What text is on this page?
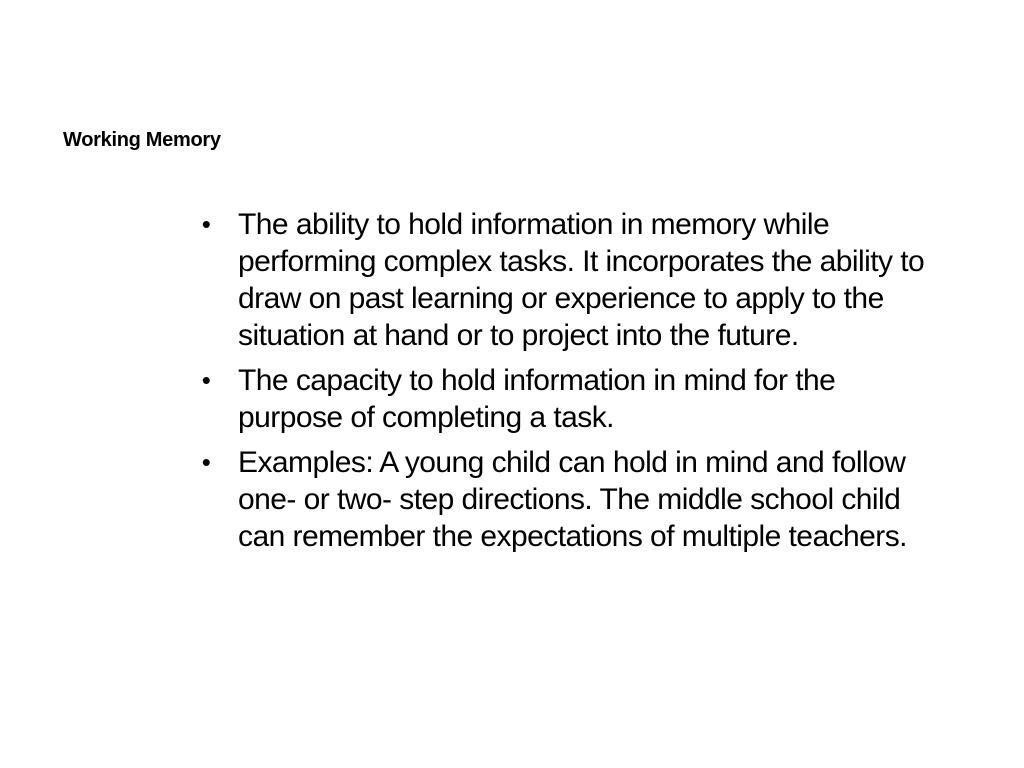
Working Memory
• The ability to hold information in memory while performing complex tasks. It incorporates the ability to draw on past learning or experience to apply to the situation at hand or to project into the future.
• The capacity to hold information in mind for the purpose of completing a task.
• Examples: A young child can hold in mind and follow one- or two- step directions. The middle school child can remember the expectations of multiple teachers.
